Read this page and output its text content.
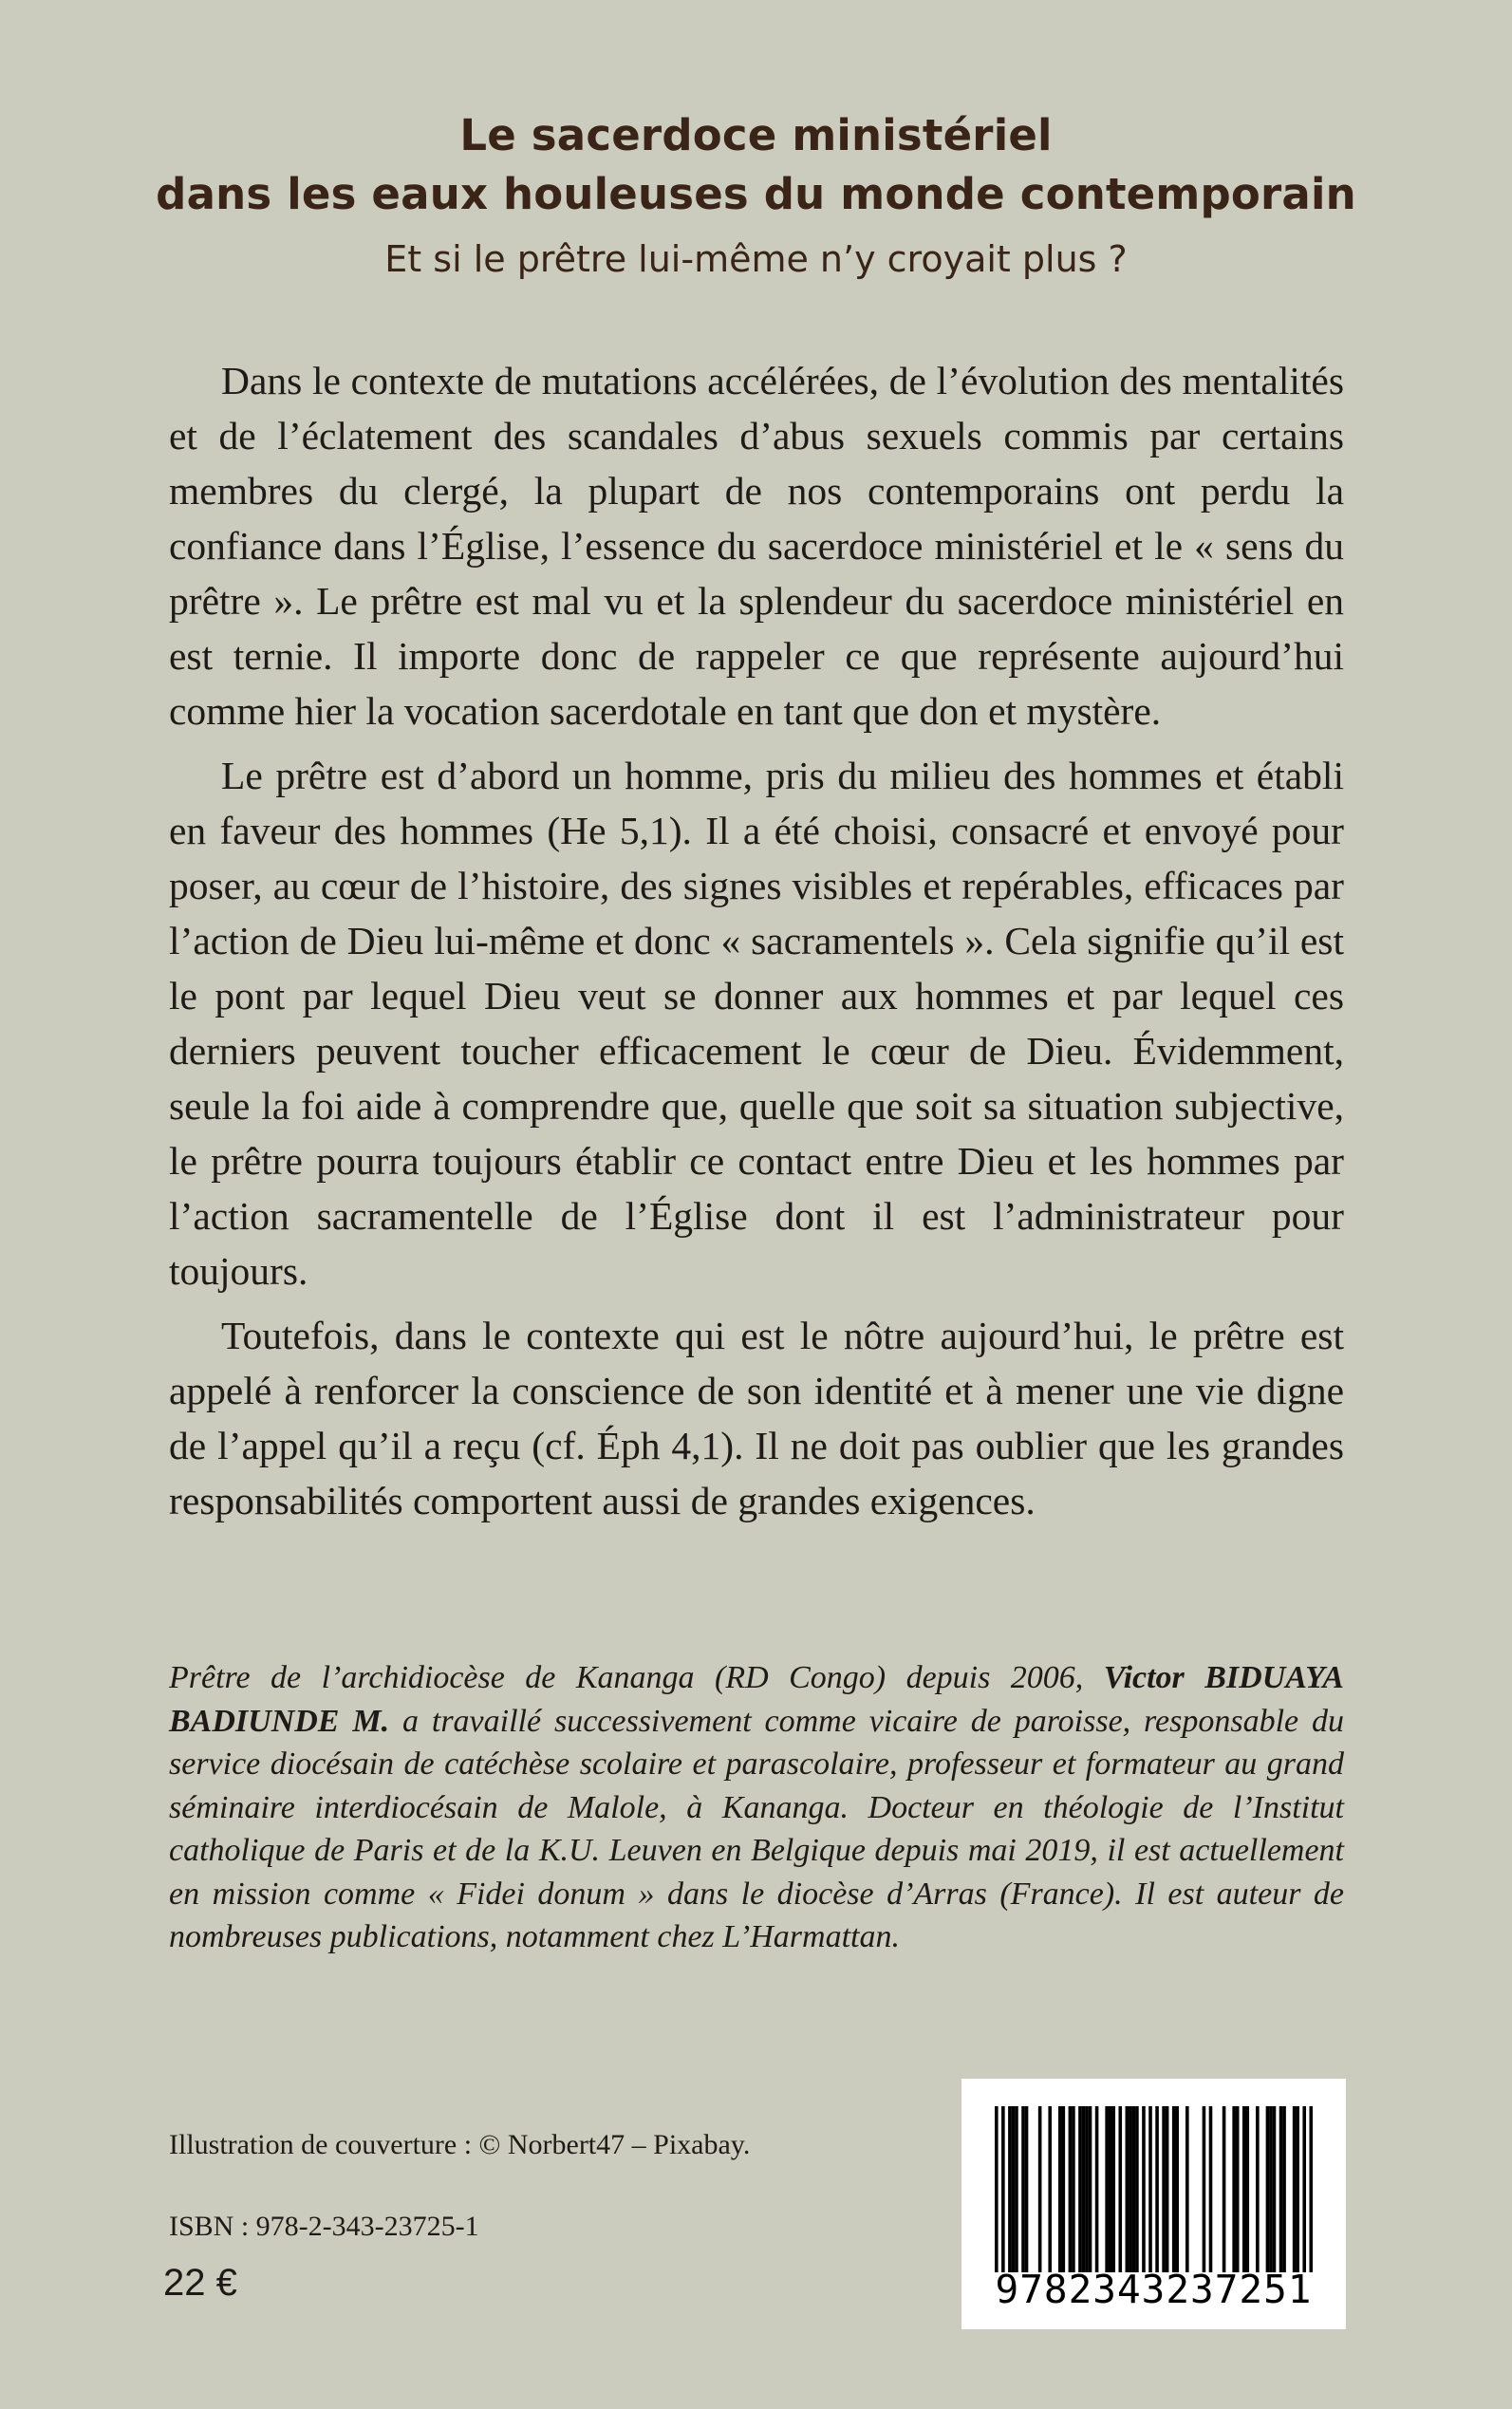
Le sacerdoce ministériel
dans les eaux houleuses du monde contemporain
Et si le prêtre lui-même n’y croyait plus ?

Dans le contexte de mutations accélérées, de l’évolution des mentalités et de l’éclatement des scandales d’abus sexuels commis par certains membres du clergé, la plupart de nos contemporains ont perdu la confiance dans l’Église, l’essence du sacerdoce ministériel et le « sens du prêtre ». Le prêtre est mal vu et la splendeur du sacerdoce ministériel en est ternie. Il importe donc de rappeler ce que représente aujourd’hui comme hier la vocation sacerdotale en tant que don et mystère.

Le prêtre est d’abord un homme, pris du milieu des hommes et établi en faveur des hommes (He 5,1). Il a été choisi, consacré et envoyé pour poser, au cœur de l’histoire, des signes visibles et repérables, efficaces par l’action de Dieu lui-même et donc « sacramentels ». Cela signifie qu’il est le pont par lequel Dieu veut se donner aux hommes et par lequel ces derniers peuvent toucher efficacement le cœur de Dieu. Évidemment, seule la foi aide à comprendre que, quelle que soit sa situation subjective, le prêtre pourra toujours établir ce contact entre Dieu et les hommes par l’action sacramentelle de l’Église dont il est l’administrateur pour toujours.

Toutefois, dans le contexte qui est le nôtre aujourd’hui, le prêtre est appelé à renforcer la conscience de son identité et à mener une vie digne de l’appel qu’il a reçu (cf. Éph 4,1). Il ne doit pas oublier que les grandes responsabilités comportent aussi de grandes exigences.

Prêtre de l’archidiocèse de Kananga (RD Congo) depuis 2006, Victor BIDUAYA BADIUNDE M. a travaillé successivement comme vicaire de paroisse, responsable du service diocésain de catéchèse scolaire et parascolaire, professeur et formateur au grand séminaire interdiocésain de Malole, à Kananga. Docteur en théologie de l’Institut catholique de Paris et de la K.U. Leuven en Belgique depuis mai 2019, il est actuellement en mission comme « Fidei donum » dans le diocèse d’Arras (France). Il est auteur de nombreuses publications, notamment chez L’Harmattan.
Illustration de couverture : © Norbert47 – Pixabay.
ISBN : 978-2-343-23725-1
22 €	9782343237251
